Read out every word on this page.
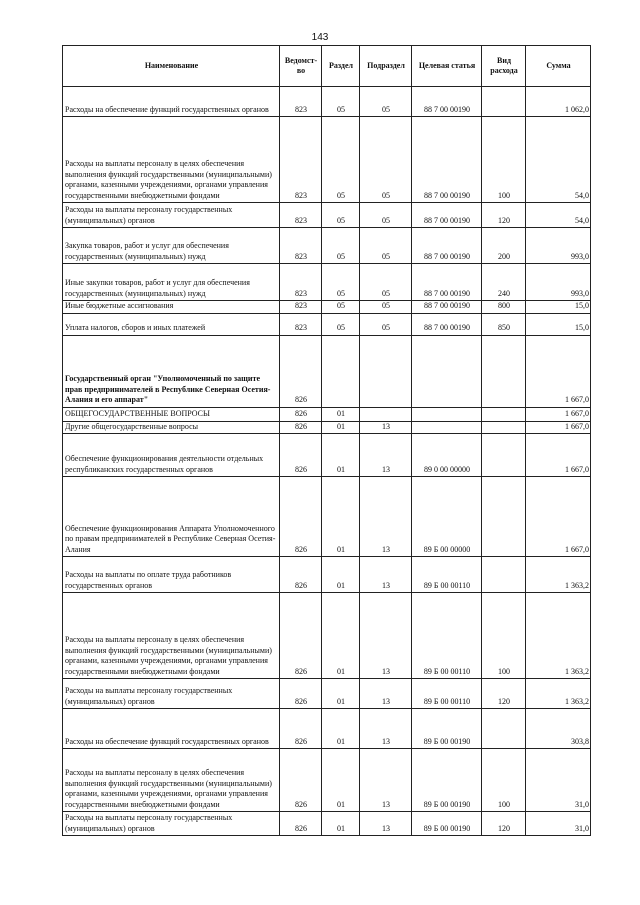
143
Наименование	Ведомст-во	Раздел	Подраздел	Целевая статья	Вид расхода	Сумма
Расходы на обеспечение функций государственных органов	823	05	05	88 7 00 00190		1 062,0
Расходы на выплаты персоналу в целях обеспечения выполнения функций государственными (муниципальными) органами, казенными учреждениями, органами управления государственными внебюджетными фондами	823	05	05	88 7 00 00190	100	54,0
Расходы на выплаты персоналу государственных (муниципальных) органов	823	05	05	88 7 00 00190	120	54,0
Закупка товаров, работ и услуг для обеспечения государственных (муниципальных) нужд	823	05	05	88 7 00 00190	200	993,0
Иные закупки товаров, работ и услуг для обеспечения государственных (муниципальных) нужд	823	05	05	88 7 00 00190	240	993,0
Иные бюджетные ассигнования	823	05	05	88 7 00 00190	800	15,0
Уплата налогов, сборов и иных платежей	823	05	05	88 7 00 00190	850	15,0
Государственный орган "Уполномоченный по защите прав предпринимателей в Республике Северная Осетия-Алания и его аппарат"	826					1 667,0
ОБЩЕГОСУДАРСТВЕННЫЕ ВОПРОСЫ	826	01				1 667,0
Другие общегосударственные вопросы	826	01	13			1 667,0
Обеспечение функционирования деятельности отдельных республиканских государственных органов	826	01	13	89 0 00 00000		1 667,0
Обеспечение функционирования Аппарата Уполномоченного по правам предпринимателей в Республике Северная Осетия-Алания	826	01	13	89 Б 00 00000		1 667,0
Расходы на выплаты по оплате труда работников государственных органов	826	01	13	89 Б 00 00110		1 363,2
Расходы на выплаты персоналу в целях обеспечения выполнения функций государственными (муниципальными) органами, казенными учреждениями, органами управления государственными внебюджетными фондами	826	01	13	89 Б 00 00110	100	1 363,2
Расходы на выплаты персоналу государственных (муниципальных) органов	826	01	13	89 Б 00 00110	120	1 363,2
Расходы на обеспечение функций государственных органов	826	01	13	89 Б 00 00190		303,8
Расходы на выплаты персоналу в целях обеспечения выполнения функций государственными (муниципальными) органами, казенными учреждениями, органами управления государственными внебюджетными фондами	826	01	13	89 Б 00 00190	100	31,0
Расходы на выплаты персоналу государственных (муниципальных) органов	826	01	13	89 Б 00 00190	120	31,0
